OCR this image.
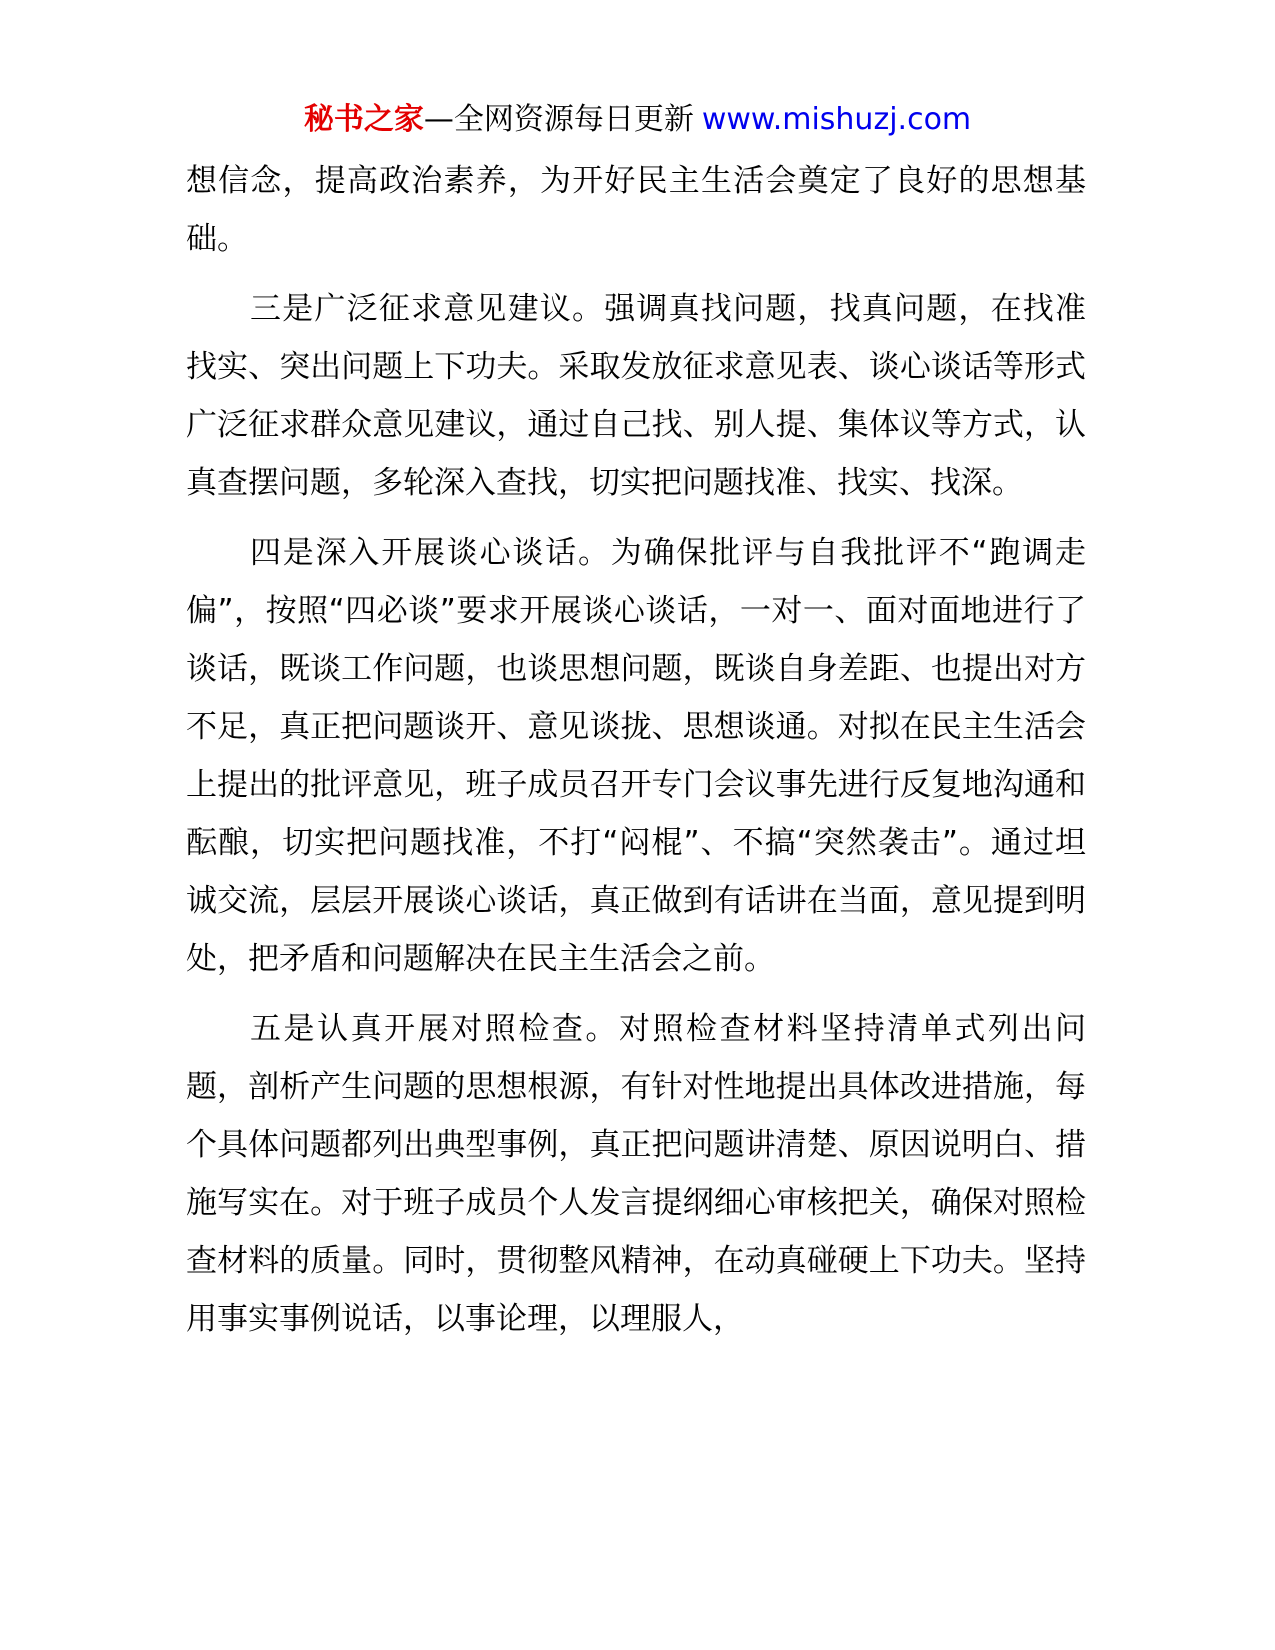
秘书之家—全网资源每日更新 www.mishuzj.com

想信念，提高政治素养，为开好民主生活会奠定了良好的思想基础。

三是广泛征求意见建议。强调真找问题，找真问题，在找准找实、突出问题上下功夫。采取发放征求意见表、谈心谈话等形式广泛征求群众意见建议，通过自己找、别人提、集体议等方式，认真查摆问题，多轮深入查找，切实把问题找准、找实、找深。

四是深入开展谈心谈话。为确保批评与自我批评不“跑调走偏”，按照“四必谈”要求开展谈心谈话，一对一、面对面地进行了谈话，既谈工作问题，也谈思想问题，既谈自身差距、也提出对方不足，真正把问题谈开、意见谈拢、思想谈通。对拟在民主生活会上提出的批评意见，班子成员召开专门会议事先进行反复地沟通和酝酿，切实把问题找准，不打“闷棍”、不搞“突然袭击”。通过坦诚交流，层层开展谈心谈话，真正做到有话讲在当面，意见提到明处，把矛盾和问题解决在民主生活会之前。

五是认真开展对照检查。对照检查材料坚持清单式列出问题，剖析产生问题的思想根源，有针对性地提出具体改进措施，每个具体问题都列出典型事例，真正把问题讲清楚、原因说明白、措施写实在。对于班子成员个人发言提纲细心审核把关，确保对照检查材料的质量。同时，贯彻整风精神，在动真碰硬上下功夫。坚持用事实事例说话，以事论理，以理服人，
